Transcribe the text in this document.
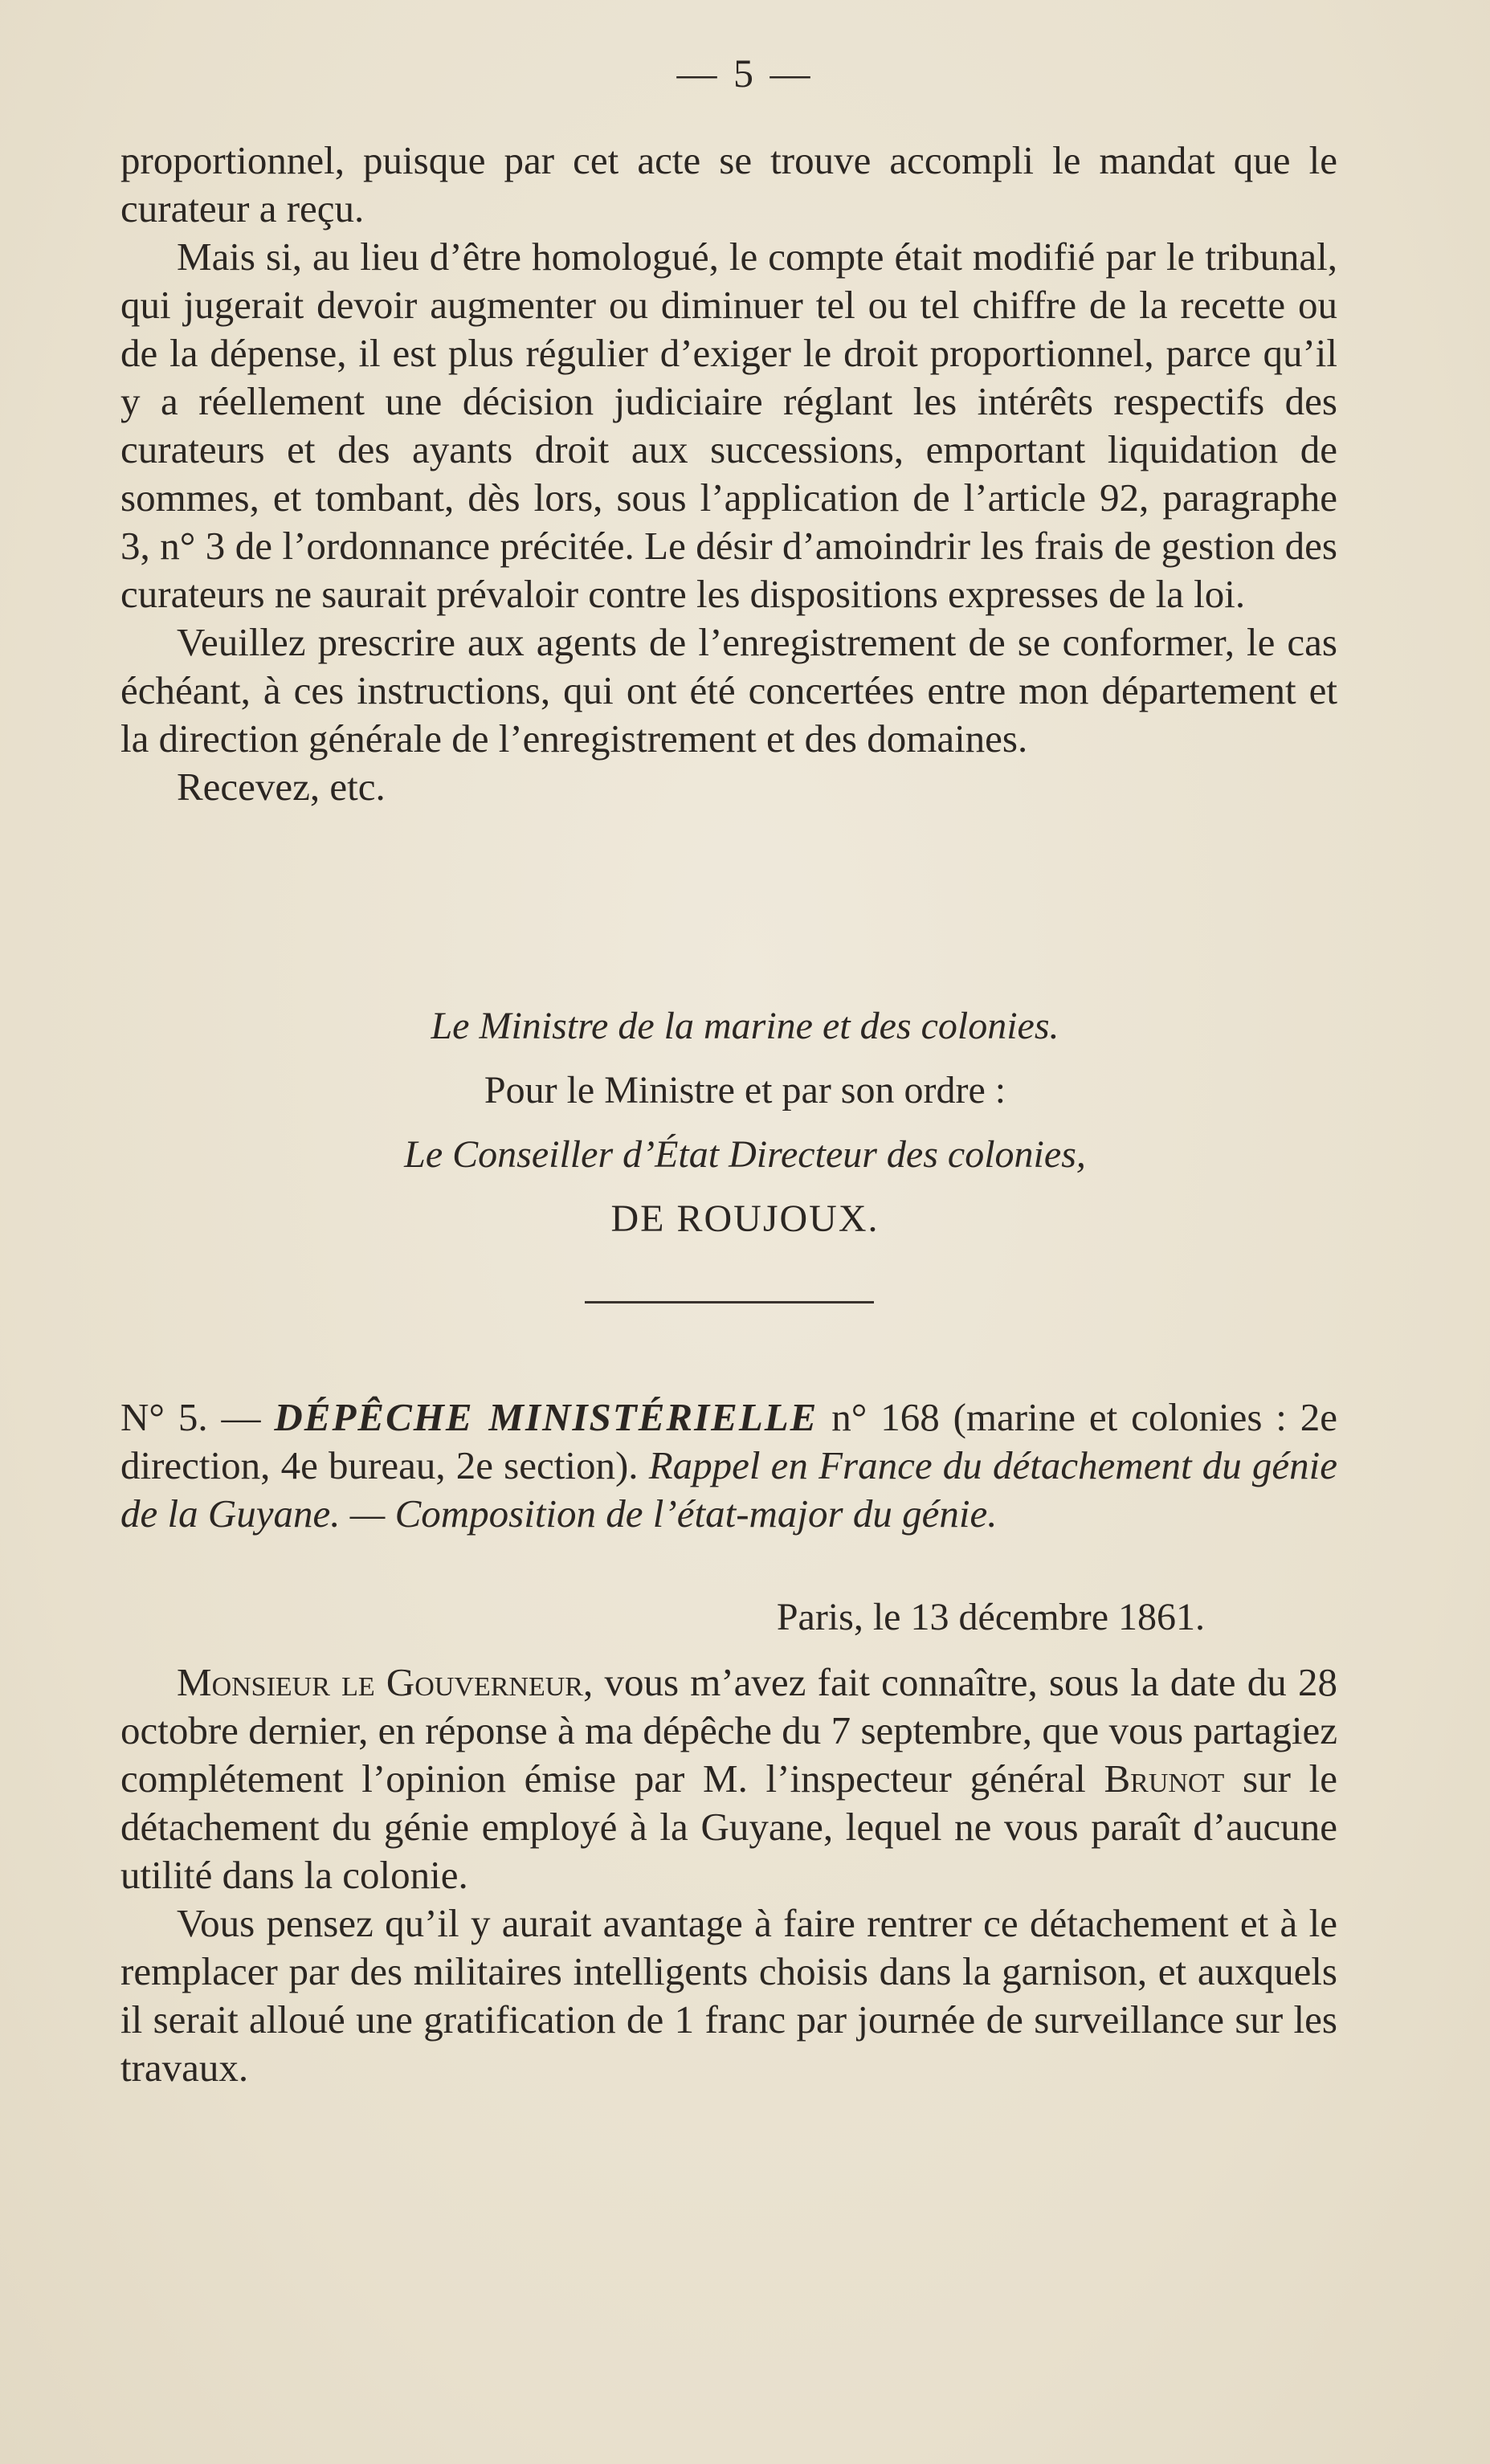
— 5 —

proportionnel, puisque par cet acte se trouve accompli le mandat que le curateur a reçu.

Mais si, au lieu d’être homologué, le compte était modifié par le tribunal, qui jugerait devoir augmenter ou diminuer tel ou tel chiffre de la recette ou de la dépense, il est plus régulier d’exiger le droit proportionnel, parce qu’il y a réellement une décision judiciaire réglant les intérêts respectifs des curateurs et des ayants droit aux successions, emportant liquidation de sommes, et tombant, dès lors, sous l’application de l’article 92, paragraphe 3, n° 3 de l’ordonnance précitée. Le désir d’amoindrir les frais de gestion des curateurs ne saurait prévaloir contre les dispositions expresses de la loi.

Veuillez prescrire aux agents de l’enregistrement de se conformer, le cas échéant, à ces instructions, qui ont été concertées entre mon département et la direction générale de l’enregistrement et des domaines.

Recevez, etc.

Le Ministre de la marine et des colonies.
Pour le Ministre et par son ordre :
Le Conseiller d’État Directeur des colonies,
DE ROUJOUX.
N° 5. — DÉPÊCHE MINISTÉRIELLE n° 168 (marine et colonies : 2e direction, 4e bureau, 2e section). Rappel en France du détachement du génie de la Guyane. — Composition de l’état-major du génie.
Paris, le 13 décembre 1861.

Monsieur le Gouverneur, vous m’avez fait connaître, sous la date du 28 octobre dernier, en réponse à ma dépêche du 7 septembre, que vous partagiez complétement l’opinion émise par M. l’inspecteur général Brunot sur le détachement du génie employé à la Guyane, lequel ne vous paraît d’aucune utilité dans la colonie.

Vous pensez qu’il y aurait avantage à faire rentrer ce détachement et à le remplacer par des militaires intelligents choisis dans la garnison, et auxquels il serait alloué une gratification de 1 franc par journée de surveillance sur les travaux.
